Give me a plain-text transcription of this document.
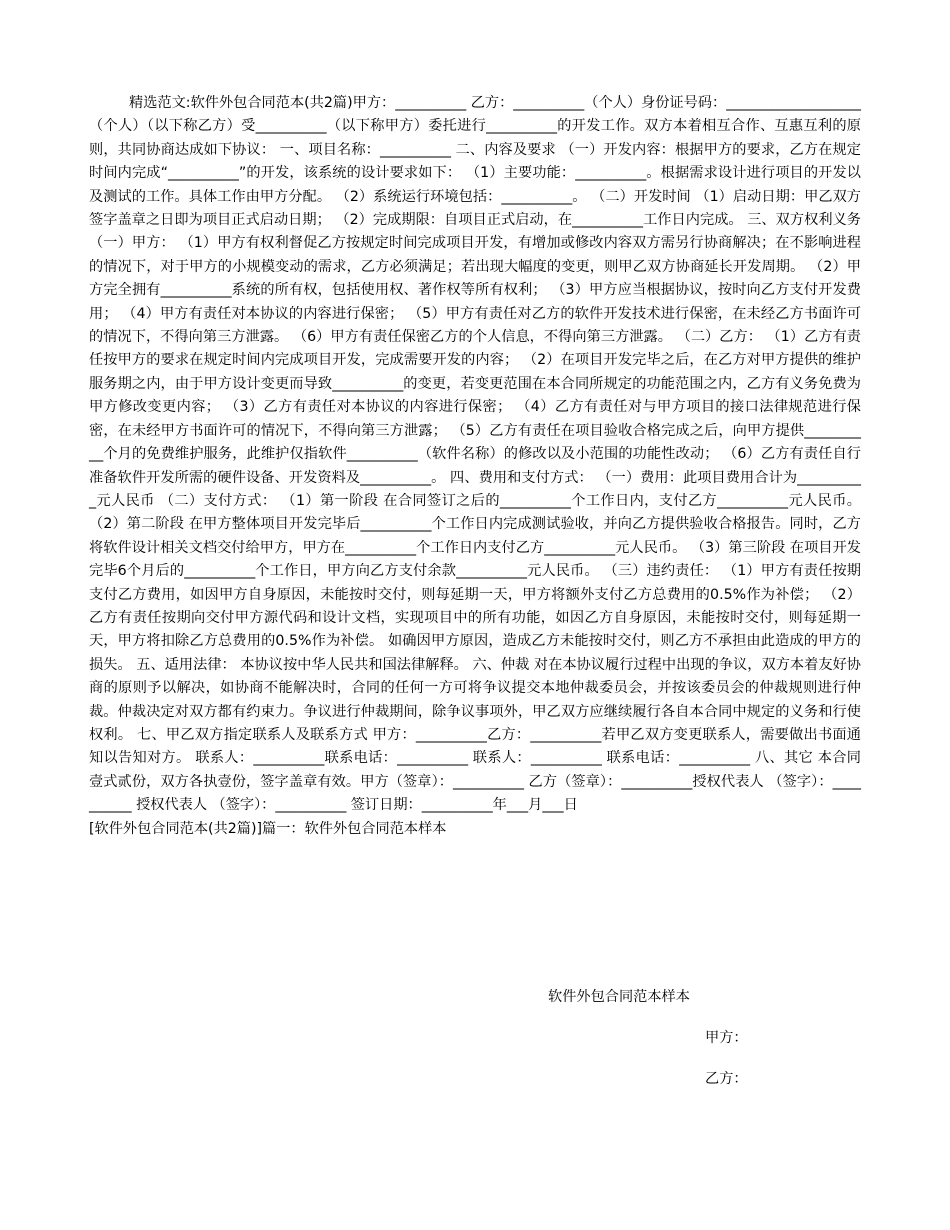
精选范文:软件外包合同范本(共2篇)甲方：__________ 乙方：__________（个人）身份证号码：___________________（个人）（以下称乙方）受__________（以下称甲方）委托进行__________的开发工作。双方本着相互合作、互惠互利的原则，共同协商达成如下协议： 一、项目名称：__________ 二、内容及要求 （一）开发内容：根据甲方的要求，乙方在规定时间内完成“__________”的开发，该系统的设计要求如下： （1）主要功能：__________。根据需求设计进行项目的开发以及测试的工作。具体工作由甲方分配。 （2）系统运行环境包括：__________。 （二）开发时间 （1）启动日期：甲乙双方签字盖章之日即为项目正式启动日期； （2）完成期限：自项目正式启动，在__________工作日内完成。 三、双方权利义务 （一）甲方： （1）甲方有权利督促乙方按规定时间完成项目开发，有增加或修改内容双方需另行协商解决；在不影响进程的情况下，对于甲方的小规模变动的需求，乙方必须满足；若出现大幅度的变更，则甲乙双方协商延长开发周期。 （2）甲方完全拥有__________系统的所有权，包括使用权、著作权等所有权利； （3）甲方应当根据协议，按时向乙方支付开发费用； （4）甲方有责任对本协议的内容进行保密； （5）甲方有责任对乙方的软件开发技术进行保密，在未经乙方书面许可的情况下，不得向第三方泄露。 （6）甲方有责任保密乙方的个人信息，不得向第三方泄露。 （二）乙方： （1）乙方有责任按甲方的要求在规定时间内完成项目开发，完成需要开发的内容； （2）在项目开发完毕之后，在乙方对甲方提供的维护服务期之内，由于甲方设计变更而导致__________的变更，若变更范围在本合同所规定的功能范围之内，乙方有义务免费为甲方修改变更内容； （3）乙方有责任对本协议的内容进行保密； （4）乙方有责任对与甲方项目的接口法律规范进行保密，在未经甲方书面许可的情况下，不得向第三方泄露； （5）乙方有责任在项目验收合格完成之后，向甲方提供__________个月的免费维护服务，此维护仅指软件__________（软件名称）的修改以及小范围的功能性改动； （6）乙方有责任自行准备软件开发所需的硬件设备、开发资料及__________。 四、费用和支付方式： （一）费用：此项目费用合计为__________元人民币 （二）支付方式： （1）第一阶段 在合同签订之后的__________个工作日内，支付乙方__________元人民币。 （2）第二阶段 在甲方整体项目开发完毕后__________个工作日内完成测试验收，并向乙方提供验收合格报告。同时，乙方将软件设计相关文档交付给甲方，甲方在__________个工作日内支付乙方__________元人民币。 （3）第三阶段 在项目开发完毕6个月后的__________个工作日，甲方向乙方支付余款__________元人民币。 （三）违约责任： （1）甲方有责任按期支付乙方费用，如因甲方自身原因，未能按时交付，则每延期一天，甲方将额外支付乙方总费用的0.5%作为补偿； （2）乙方有责任按期向交付甲方源代码和设计文档，实现项目中的所有功能，如因乙方自身原因，未能按时交付，则每延期一天，甲方将扣除乙方总费用的0.5%作为补偿。 如确因甲方原因，造成乙方未能按时交付，则乙方不承担由此造成的甲方的损失。 五、适用法律： 本协议按中华人民共和国法律解释。 六、仲裁 对在本协议履行过程中出现的争议，双方本着友好协商的原则予以解决，如协商不能解决时，合同的任何一方可将争议提交本地仲裁委员会，并按该委员会的仲裁规则进行仲裁。仲裁决定对双方都有约束力。争议进行仲裁期间，除争议事项外，甲乙双方应继续履行各自本合同中规定的义务和行使权利。 七、甲乙双方指定联系人及联系方式 甲方：__________乙方：__________若甲乙双方变更联系人，需要做出书面通知以告知对方。 联系人：__________联系电话：__________ 联系人：__________ 联系电话：__________ 八、其它 本合同壹式贰份，双方各执壹份，签字盖章有效。甲方（签章）：__________ 乙方（签章）：__________授权代表人 （签字）：__________ 授权代表人 （签字）：__________ 签订日期：__________年___月___日

[软件外包合同范本(共2篇)]篇一：软件外包合同范本样本

软件外包合同范本样本
甲方：
乙方：
